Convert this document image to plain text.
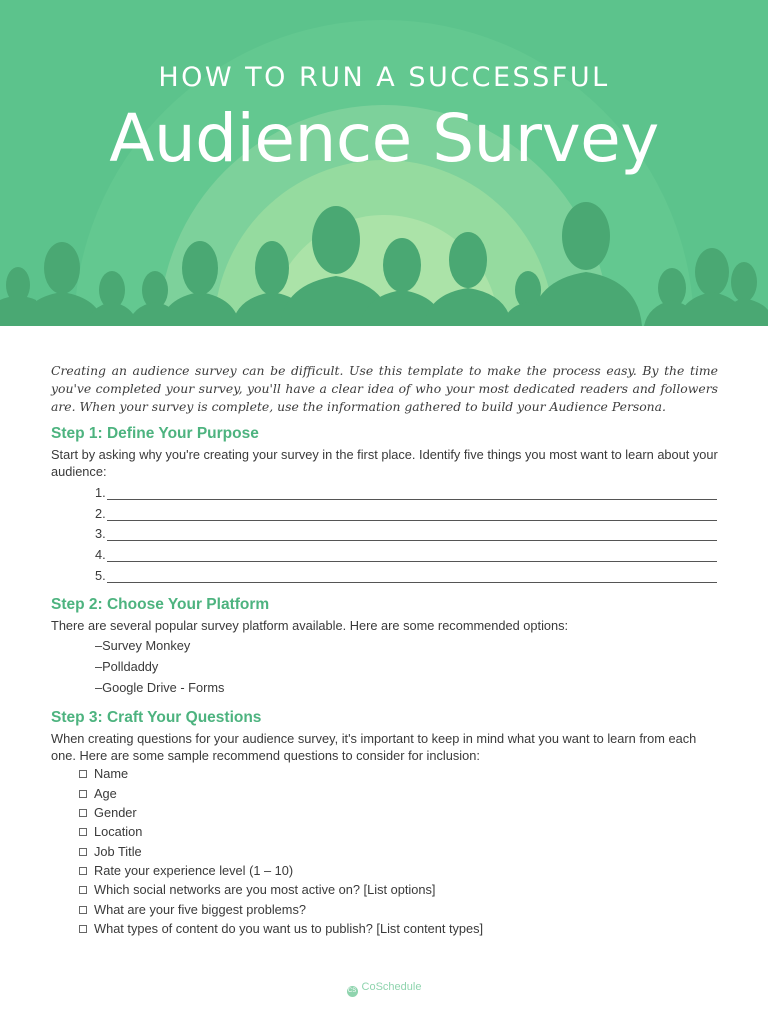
HOW TO RUN A SUCCESSFUL
Audience Survey

Creating an audience survey can be difficult. Use this template to make the process easy. By the time you've completed your survey, you'll have a clear idea of who your most dedicated readers and followers are. When your survey is complete, use the information gathered to build your Audience Persona.

Step 1: Define Your Purpose

Start by asking why you're creating your survey in the first place. Identify five things you most want to learn about your audience:

1.
2.
3.
4.
5.
Step 2: Choose Your Platform

There are several popular survey platform available. Here are some recommended options:

–Survey Monkey
–Polldaddy
–Google Drive - Forms
Step 3: Craft Your Questions

When creating questions for your audience survey, it's important to keep in mind what you want to learn from each one. Here are some sample recommend questions to consider for inclusion:

Name
Age
Gender
Location
Job Title
Rate your experience level (1 – 10)
Which social networks are you most active on? [List options]
What are your five biggest problems?
What types of content do you want us to publish? [List content types]
CS CoSchedule
